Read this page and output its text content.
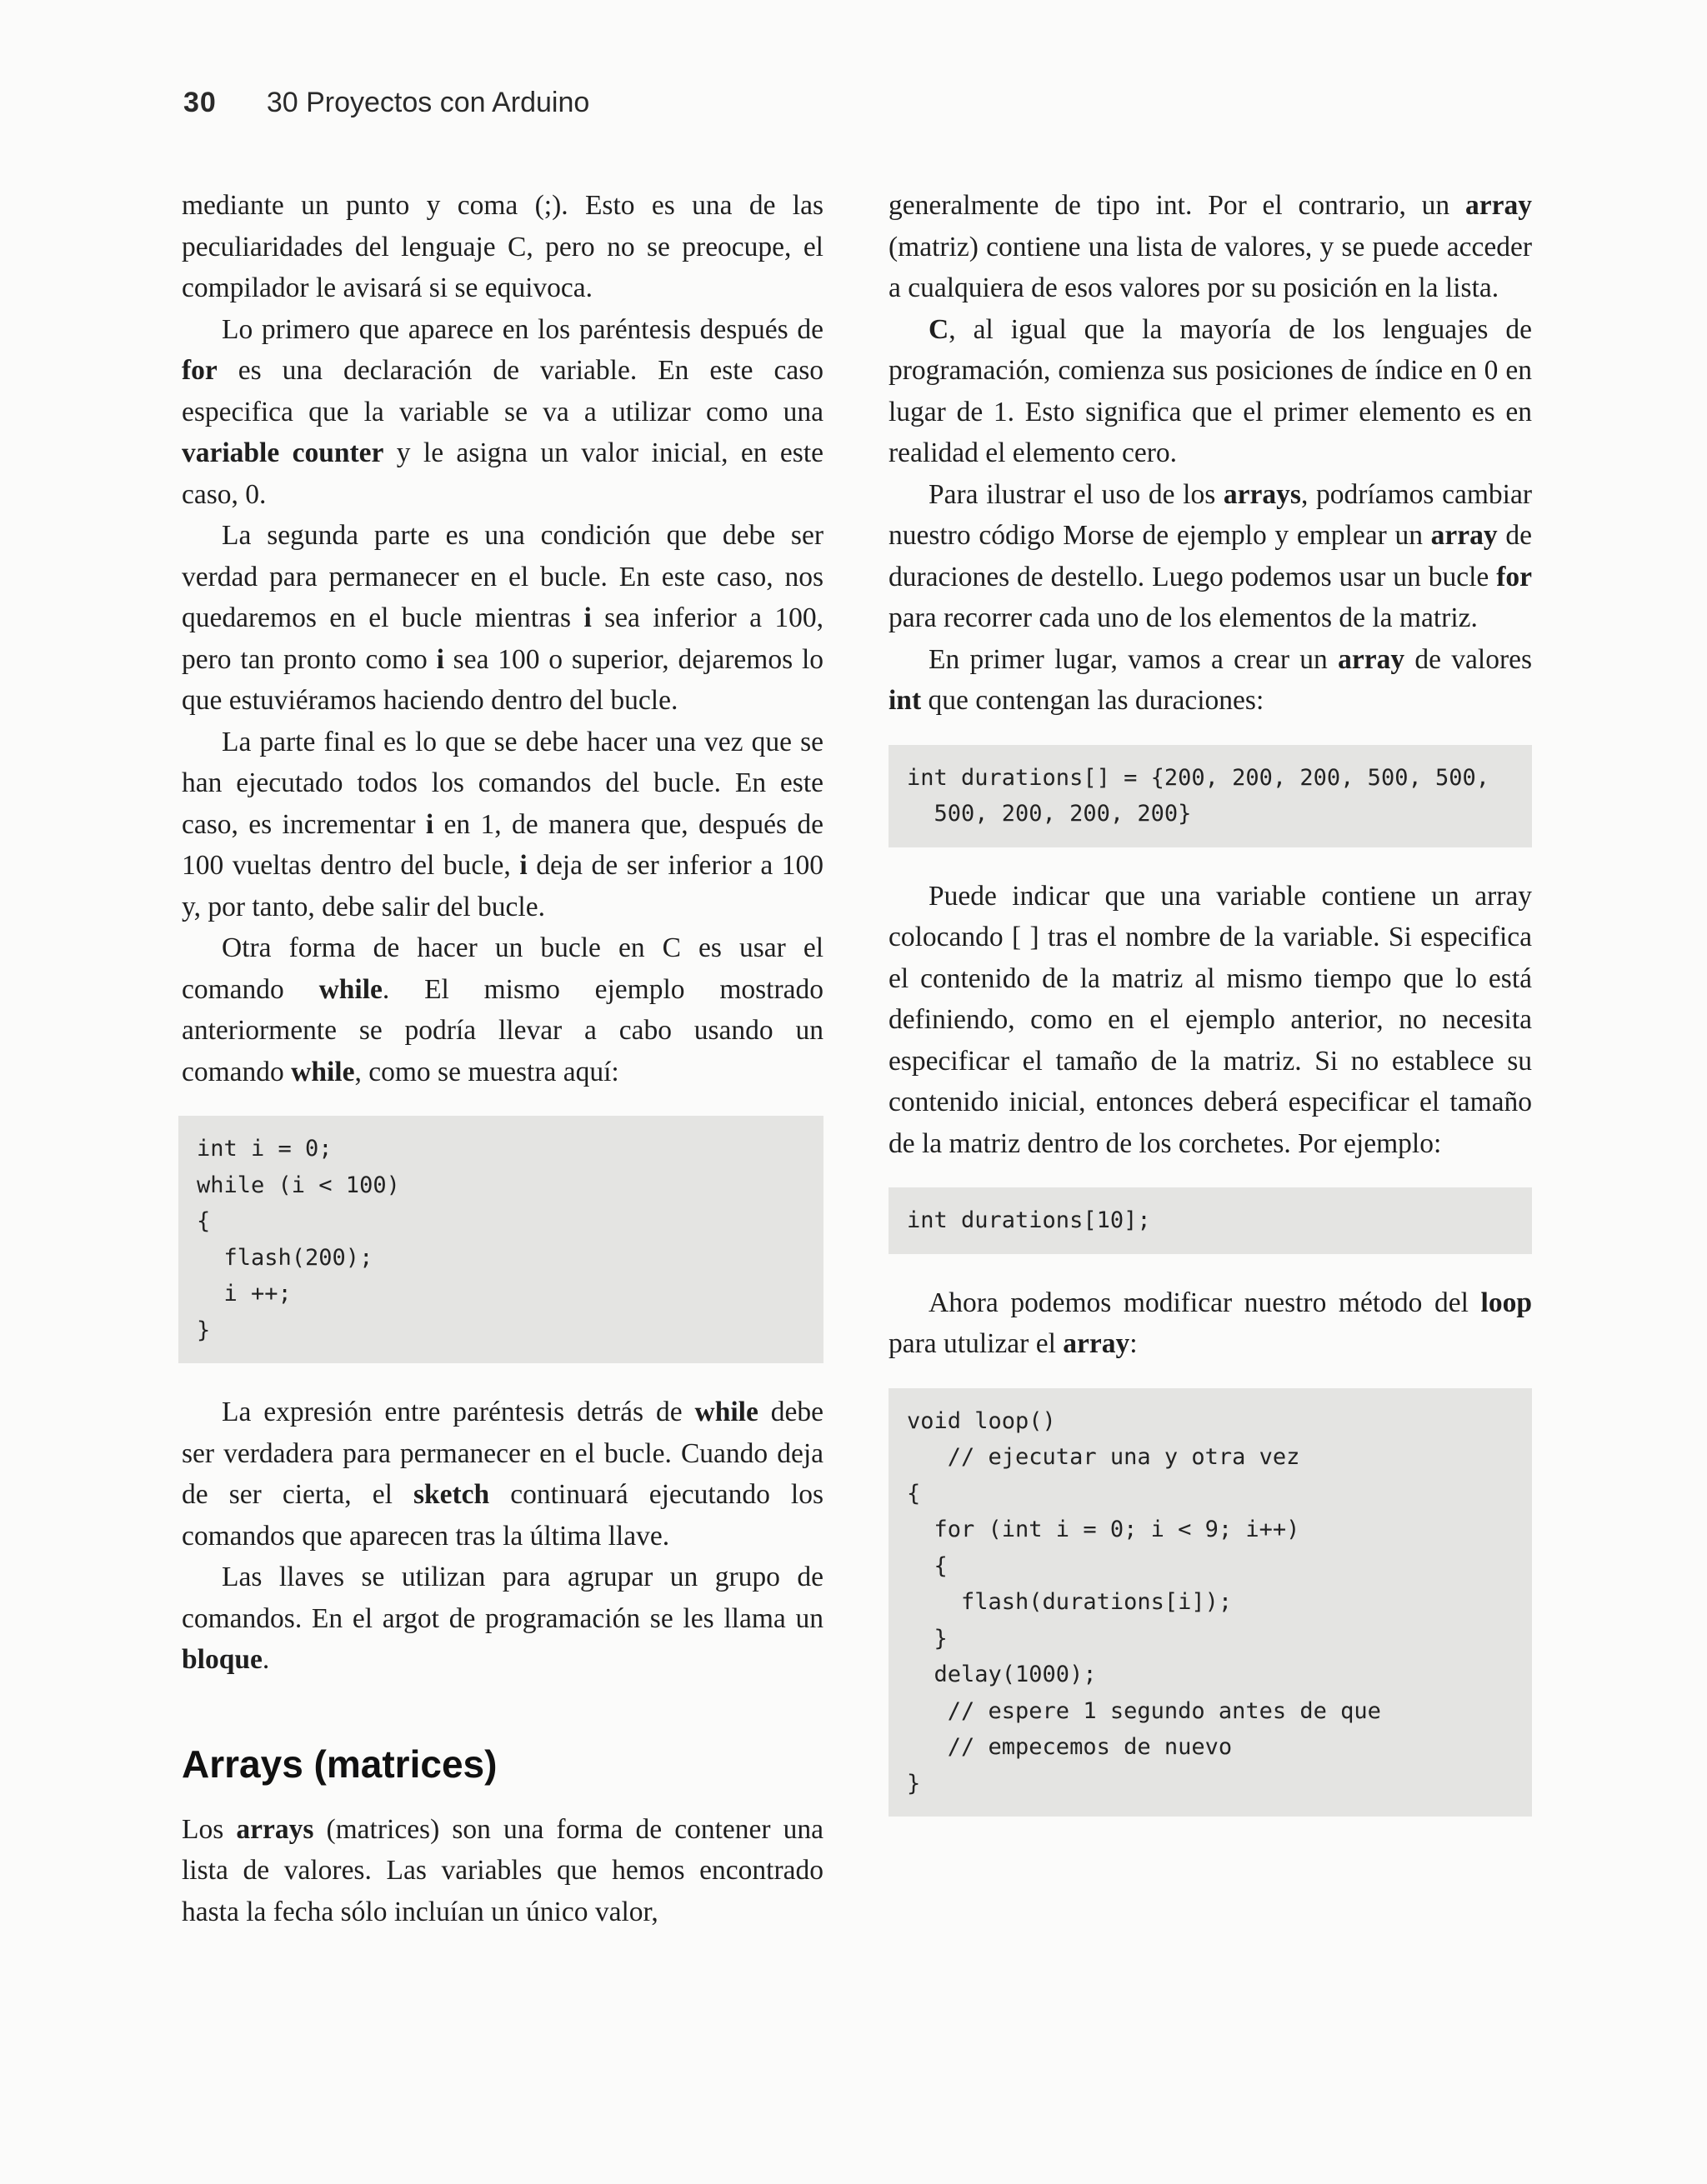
30 30 Proyectos con Arduino

mediante un punto y coma (;). Esto es una de las peculiaridades del lenguaje C, pero no se preocupe, el compilador le avisará si se equivoca.

Lo primero que aparece en los paréntesis después de for es una declaración de variable. En este caso especifica que la variable se va a utilizar como una variable counter y le asigna un valor inicial, en este caso, 0.

La segunda parte es una condición que debe ser verdad para permanecer en el bucle. En este caso, nos quedaremos en el bucle mientras i sea inferior a 100, pero tan pronto como i sea 100 o superior, dejaremos lo que estuviéramos haciendo dentro del bucle.

La parte final es lo que se debe hacer una vez que se han ejecutado todos los comandos del bucle. En este caso, es incrementar i en 1, de manera que, después de 100 vueltas dentro del bucle, i deja de ser inferior a 100 y, por tanto, debe salir del bucle.

Otra forma de hacer un bucle en C es usar el comando while. El mismo ejemplo mostrado anteriormente se podría llevar a cabo usando un comando while, como se muestra aquí:

int i = 0;
while (i < 100)
{
flash(200);
i ++;
}

La expresión entre paréntesis detrás de while debe ser verdadera para permanecer en el bucle. Cuando deja de ser cierta, el sketch continuará ejecutando los comandos que aparecen tras la última llave.

Las llaves se utilizan para agrupar un grupo de comandos. En el argot de programación se les llama un bloque.

Arrays (matrices)

Los arrays (matrices) son una forma de contener una lista de valores. Las variables que hemos encontrado hasta la fecha sólo incluían un único valor,

generalmente de tipo int. Por el contrario, un array (matriz) contiene una lista de valores, y se puede acceder a cualquiera de esos valores por su posición en la lista.

C, al igual que la mayoría de los lenguajes de programación, comienza sus posiciones de índice en 0 en lugar de 1. Esto significa que el primer elemento es en realidad el elemento cero.

Para ilustrar el uso de los arrays, podríamos cambiar nuestro código Morse de ejemplo y emplear un array de duraciones de destello. Luego podemos usar un bucle for para recorrer cada uno de los elementos de la matriz.

En primer lugar, vamos a crear un array de valores int que contengan las duraciones:

int durations[] = {200, 200, 200, 500, 500,
500, 200, 200, 200}

Puede indicar que una variable contiene un array colocando [ ] tras el nombre de la variable. Si especifica el contenido de la matriz al mismo tiempo que lo está definiendo, como en el ejemplo anterior, no necesita especificar el tamaño de la matriz. Si no establece su contenido inicial, entonces deberá especificar el tamaño de la matriz dentro de los corchetes. Por ejemplo:

int durations[10];

Ahora podemos modificar nuestro método del loop para utulizar el array:

void loop()
// ejecutar una y otra vez
{
for (int i = 0; i < 9; i++)
{
flash(durations[i]);
}
delay(1000);
// espere 1 segundo antes de que
// empecemos de nuevo
}
